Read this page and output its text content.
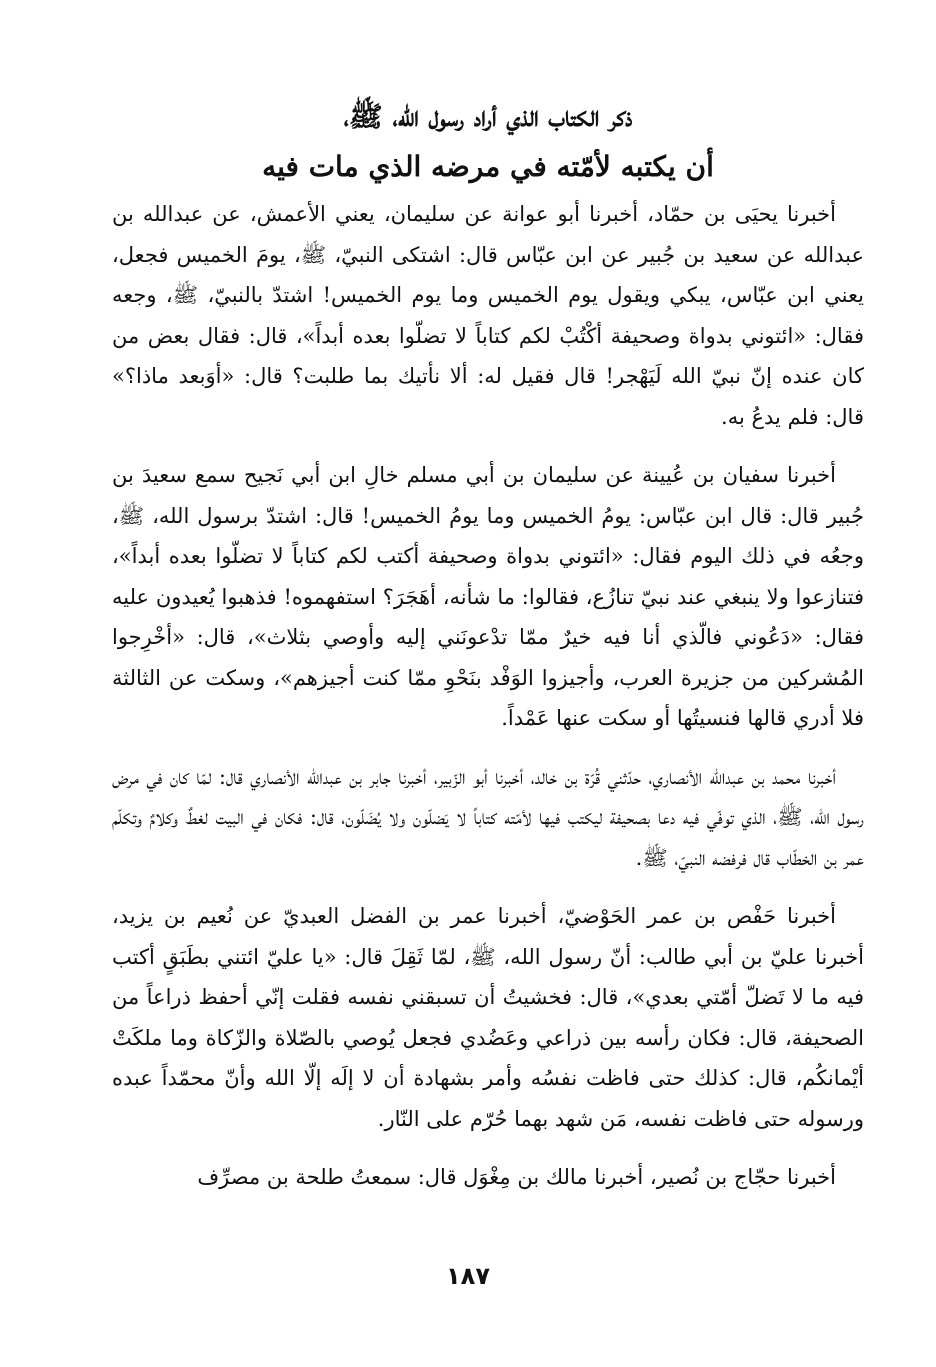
ذكر الكتاب الذي أراد رسول الله، ﷺ،
أن يكتبه لأمّته في مرضه الذي مات فيه

أخبرنا يحيَى بن حمّاد، أخبرنا أبو عوانة عن سليمان، يعني الأعمش، عن عبدالله بن عبدالله عن سعيد بن جُبير عن ابن عبّاس قال: اشتكى النبيّ، ﷺ، يومَ الخميس فجعل، يعني ابن عبّاس، يبكي ويقول يوم الخميس وما يوم الخميس! اشتدّ بالنبيّ، ﷺ، وجعه فقال: «ائتوني بدواة وصحيفة أكْتُبْ لكم كتاباً لا تضلّوا بعده أبداً»، قال: فقال بعض من كان عنده إنّ نبيّ الله لَيَهْجر! قال فقيل له: ألا نأتيك بما طلبت؟ قال: «أوَبعد ماذا؟» قال: فلم يدعُ به.

أخبرنا سفيان بن عُيينة عن سليمان بن أبي مسلم خالِ ابن أبي نَجيح سمع سعيدَ بن جُبير قال: قال ابن عبّاس: يومُ الخميس وما يومُ الخميس! قال: اشتدّ برسول الله، ﷺ، وجعُه في ذلك اليوم فقال: «ائتوني بدواة وصحيفة أكتب لكم كتاباً لا تضلّوا بعده أبداً»، فتنازعوا ولا ينبغي عند نبيّ تنازُع، فقالوا: ما شأنه، أهَجَرَ؟ استفهموه! فذهبوا يُعيدون عليه فقال: «دَعُوني فالّذي أنا فيه خيرٌ ممّا تدْعونَني إليه وأوصي بثلاث»، قال: «أخْرِجوا المُشركين من جزيرة العرب، وأجيزوا الوَفْد بنَحْوِ ممّا كنت أجيزهم»، وسكت عن الثالثة فلا أدري قالها فنسيتُها أو سكت عنها عَمْداً.

أخبرنا محمد بن عبدالله الأنصاري، حدّثني قُرّة بن خالد، أخبرنا أبو الزّبير، أخبرنا جابر بن عبدالله الأنصاري قال: لمّا كان في مرض رسول الله، ﷺ، الذي توفّي فيه دعا بصحيفة ليكتب فيها لأمّته كتاباً لا يَضلّون ولا يُضَلّون، قال: فكان في البيت لغطٌ وكلامٌ وتكلّم عمر بن الخطّاب قال فرفضه النبيّ، ﷺ.

أخبرنا حَفْص بن عمر الحَوْضيّ، أخبرنا عمر بن الفضل العبديّ عن نُعيم بن يزيد، أخبرنا عليّ بن أبي طالب: أنّ رسول الله، ﷺ، لمّا ثَقِلَ قال: «يا عليّ ائتني بطَبَقٍ أكتب فيه ما لا تَضلّ أمّتي بعدي»، قال: فخشيتُ أن تسبقني نفسه فقلت إنّي أحفظ ذراعاً من الصحيفة، قال: فكان رأسه بين ذراعي وعَضُدي فجعل يُوصي بالصّلاة والزّكاة وما ملكَتْ أيْمانكُم، قال: كذلك حتى فاظت نفسُه وأمر بشهادة أن لا إلَه إلّا الله وأنّ محمّداً عبده ورسوله حتى فاظت نفسه، مَن شهد بهما حُرّم على النّار.

أخبرنا حجّاج بن نُصير، أخبرنا مالك بن مِغْوَل قال: سمعتُ طلحة بن مصرِّف

١٨٧
